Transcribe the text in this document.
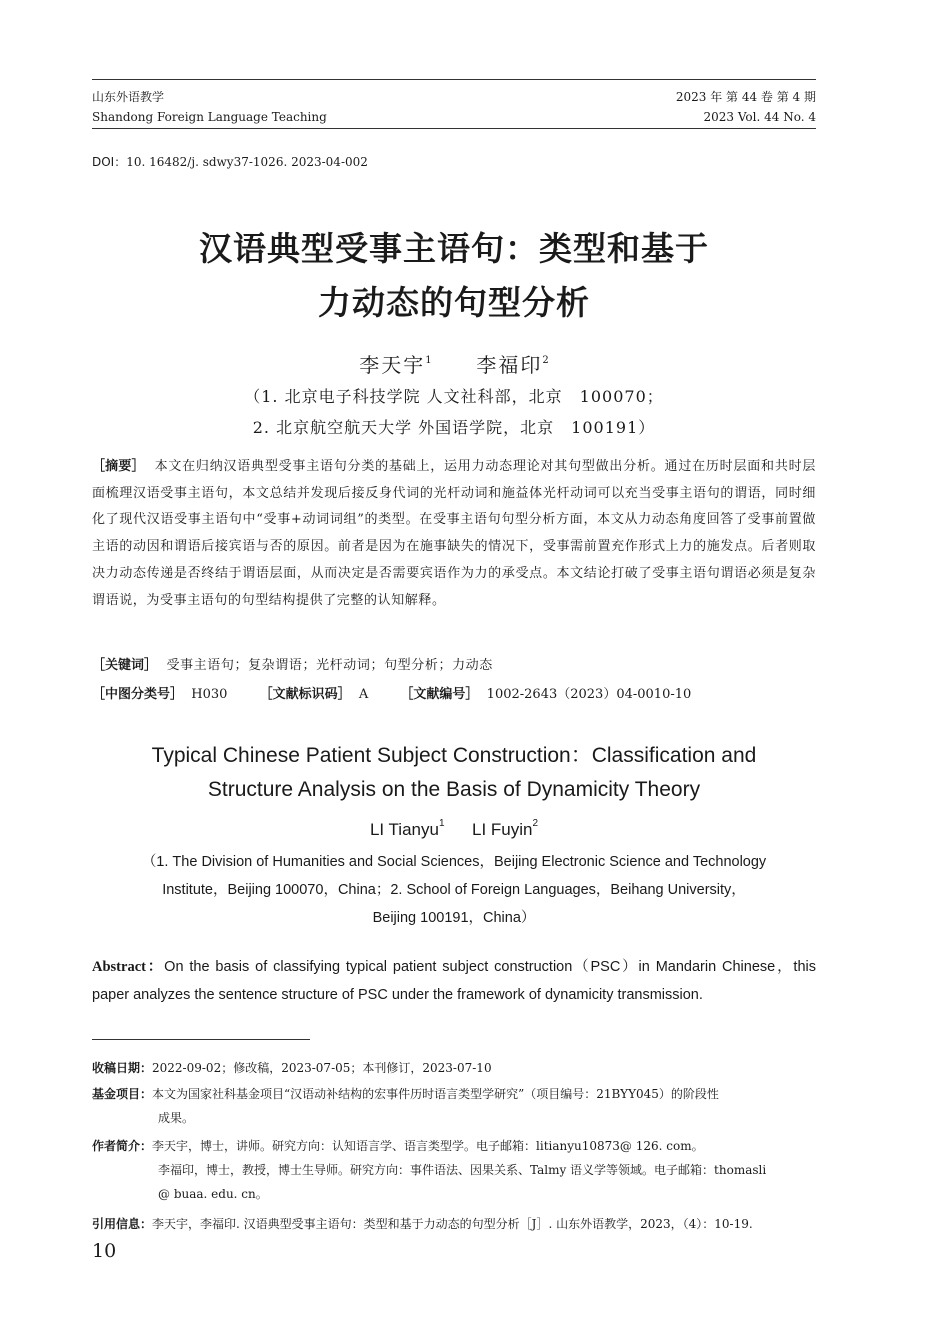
山东外语教学	2023 年 第 44 卷 第 4 期
Shandong Foreign Language Teaching	2023 Vol. 44 No. 4
DOI：10. 16482/j. sdwy37-1026. 2023-04-002
汉语典型受事主语句：类型和基于
力动态的句型分析
李天宇$^1$ 李福印$^2$
（1. 北京电子科技学院 人文社科部，北京　100070；
2. 北京航空航天大学 外国语学院，北京　100191）
［摘要］ 本文在归纳汉语典型受事主语句分类的基础上，运用力动态理论对其句型做出分析。通过在历时层面和共时层面梳理汉语受事主语句，本文总结并发现后接反身代词的光杆动词和施益体光杆动词可以充当受事主语句的谓语，同时细化了现代汉语受事主语句中“受事+动词词组”的类型。在受事主语句句型分析方面，本文从力动态角度回答了受事前置做主语的动因和谓语后接宾语与否的原因。前者是因为在施事缺失的情况下，受事需前置充作形式上力的施发点。后者则取决力动态传递是否终结于谓语层面，从而决定是否需要宾语作为力的承受点。本文结论打破了受事主语句谓语必须是复杂谓语说，为受事主语句的句型结构提供了完整的认知解释。
［关键词］ 受事主语句；复杂谓语；光杆动词；句型分析；力动态
［中图分类号］ H030 ［文献标识码］ A ［文献编号］ 1002-2643（2023）04-0010-10
Typical Chinese Patient Subject Construction：Classification and
Structure Analysis on the Basis of Dynamicity Theory
LI Tianyu$^1$ LI Fuyin$^2$
（1. The Division of Humanities and Social Sciences，Beijing Electronic Science and Technology
Institute，Beijing 100070，China；2. School of Foreign Languages，Beihang University，
Beijing 100191，China）
Abstract：On the basis of classifying typical patient subject construction（PSC）in Mandarin Chinese，this paper analyzes the sentence structure of PSC under the framework of dynamicity transmission.
收稿日期：2022-09-02；修改稿，2023-07-05；本刊修订，2023-07-10
基金项目：本文为国家社科基金项目“汉语动补结构的宏事件历时语言类型学研究”（项目编号：21BYY045）的阶段性
成果。
作者简介：李天宇，博士，讲师。研究方向：认知语言学、语言类型学。电子邮箱：litianyu10873@ 126. com。
李福印，博士，教授，博士生导师。研究方向：事件语法、因果关系、Talmy 语义学等领域。电子邮箱：thomasli
@ buaa. edu. cn。
引用信息：李天宇，李福印. 汉语典型受事主语句：类型和基于力动态的句型分析［J］. 山东外语教学，2023，（4）：10-19.
10
